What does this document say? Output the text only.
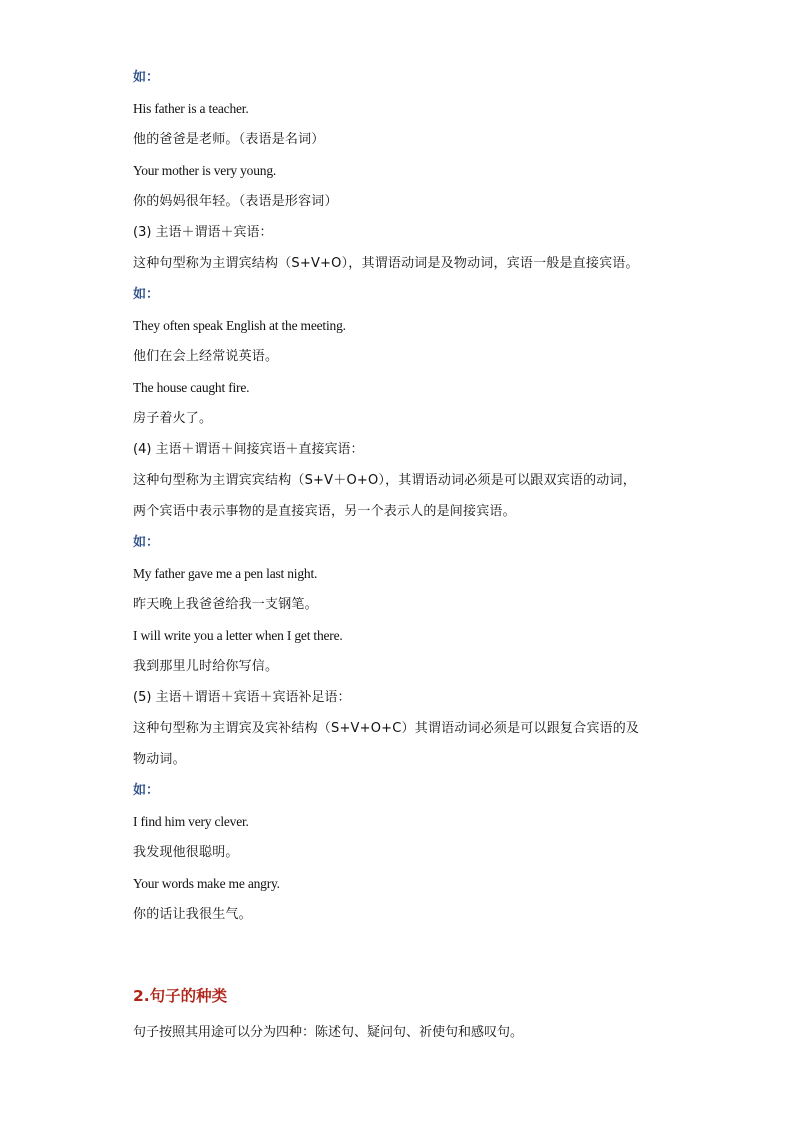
如：
His father is a teacher.
他的爸爸是老师。（表语是名词）
Your mother is very young.
你的妈妈很年轻。（表语是形容词）
(3) 主语＋谓语＋宾语：
这种句型称为主谓宾结构（S+V+O），其谓语动词是及物动词，宾语一般是直接宾语。
如：
They often speak English at the meeting.
他们在会上经常说英语。
The house caught fire.
房子着火了。
(4) 主语＋谓语＋间接宾语＋直接宾语：
这种句型称为主谓宾宾结构（S+V＋O+O），其谓语动词必须是可以跟双宾语的动词，
两个宾语中表示事物的是直接宾语，另一个表示人的是间接宾语。
如：
My father gave me a pen last night.
昨天晚上我爸爸给我一支钢笔。
I will write you a letter when I get there.
我到那里儿时给你写信。
(5) 主语＋谓语＋宾语＋宾语补足语：
这种句型称为主谓宾及宾补结构（S+V+O+C）其谓语动词必须是可以跟复合宾语的及
物动词。
如：
I find him very clever.
我发现他很聪明。
Your words make me angry.
你的话让我很生气。
2.句子的种类
句子按照其用途可以分为四种：陈述句、疑问句、祈使句和感叹句。
